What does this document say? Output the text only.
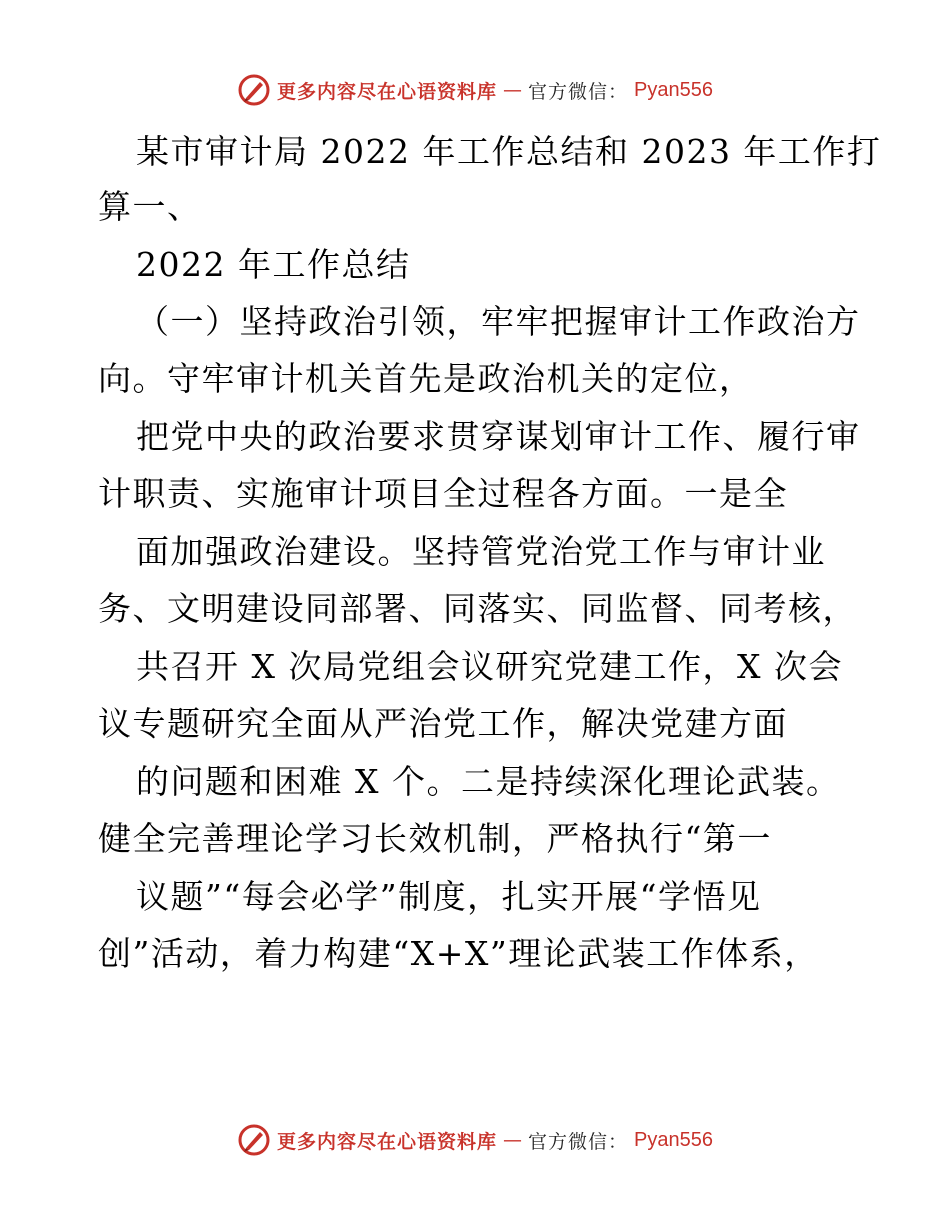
更多内容尽在心语资料库 — 官方微信： Pyan556
某市审计局 2022 年工作总结和 2023 年工作打
算一、
2022 年工作总结
（一）坚持政治引领，牢牢把握审计工作政治方
向。守牢审计机关首先是政治机关的定位，
把党中央的政治要求贯穿谋划审计工作、履行审
计职责、实施审计项目全过程各方面。一是全
面加强政治建设。坚持管党治党工作与审计业
务、文明建设同部署、同落实、同监督、同考核，
共召开 X 次局党组会议研究党建工作，X 次会
议专题研究全面从严治党工作，解决党建方面
的问题和困难 X 个。二是持续深化理论武装。
健全完善理论学习长效机制，严格执行“第一
议题”“每会必学”制度，扎实开展“学悟见
创”活动，着力构建“X+X”理论武装工作体系，
更多内容尽在心语资料库 — 官方微信： Pyan556
